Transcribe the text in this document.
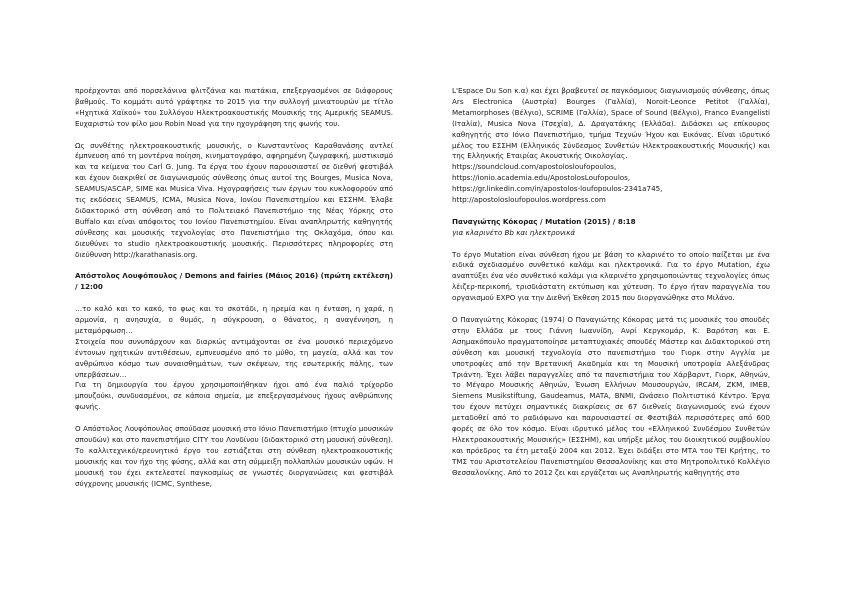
προέρχονται από πορσελάνινα φλιτζάνια και πιατάκια, επεξεργασμένοι σε διάφορους βαθμούς. Το κομμάτι αυτό γράφτηκε το 2015 για την συλλογή μινιατουρών με τίτλο «Ηχητικά Χαϊκού» του Συλλόγου Ηλεκτροακουστικής Μουσικής της Αμερικής SEAMUS. Ευχαριστώ τον φίλο μου Robin Noad για την ηχογράφηση της φωνής του.

Ως συνθέτης ηλεκτροακουστικής μουσικής, ο Κωνσταντίνος Καραθανάσης αντλεί έμπνευση από τη μοντέρνα ποίηση, κινηματογράφο, αφηρημένη ζωγραφική, μυστικισμό και τα κείμενα του Carl G. Jung. Τα έργα του έχουν παρουσιαστεί σε διεθνή φεστιβάλ και έχουν διακριθεί σε διαγωνισμούς σύνθεσης όπως αυτοί της Bourges, Musica Nova, SEAMUS/ASCAP, SIME και Musica Viva. Ηχογραφήσεις των έργων του κυκλοφορούν από τις εκδόσεις SEAMUS, ICMA, Musica Nova, Ιονίου Πανεπιστημίου και ΕΣΣΗΜ. Έλαβε διδακτορικό στη σύνθεση από το Πολιτειακό Πανεπιστήμιο της Νέας Υόρκης στο Buffalo και είναι απόφοιτος του Ιονίου Πανεπιστημίου. Είναι αναπληρωτής καθηγητής σύνθεσης και μουσικής τεχνολογίας στο Πανεπιστήμιο της Οκλαχόμα, όπου και διευθύνει το studio ηλεκτροακουστικής μουσικής. Περισσότερες πληροφορίες στη διεύθυνση http://karathanasis.org.

Απόστολος Λουφόπουλος / Demons and fairies (Μάιος 2016) (πρώτη εκτέλεση) / 12:00

…το καλό και το κακό, το φως και το σκοτάδι, η ηρεμία και η ένταση, η χαρά, η αρμονία, η ανησυχία, ο θυμός, η σύγκρουση, ο θάνατος, η αναγέννηση, η μεταμόρφωση…

Στοιχεία που συνυπάρχουν και διαρκώς αντιμάχονται σε ένα μουσικό περιεχόμενο έντονων ηχητικών αντιθέσεων, εμπνευσμένο από το μύθο, τη μαγεία, αλλά και τον ανθρώπινο κόσμο των συναισθημάτων, των σκέψεων, της εσωτερικής πάλης, των υπερβάσεων…

Για τη δημιουργία του έργου χρησιμοποιήθηκαν ήχοι από ένα παλιό τρίχορδο μπουζούκι, συνδυασμένοι, σε κάποια σημεία, με επεξεργασμένους ήχους ανθρώπινης φωνής.

Ο Απόστολος Λουφόπουλος σπούδασε μουσική στο Ιόνιο Πανεπιστήμιο (πτυχίο μουσικών σπουδών) και στο πανεπιστήμιο CITY του Λονδίνου (διδακτορικό στη μουσική σύνθεση). Το καλλιτεχνικό/ερευνητικό έργο του εστιάζεται στη σύνθεση ηλεκτροακουστικής μουσικής και τον ήχο της φύσης, αλλά και στη σύμμειξη πολλαπλών μουσικών υφών. Η μουσική του έχει εκτελεστεί παγκοσμίως σε γνωστές διοργανώσεις και φεστιβάλ σύγχρονης μουσικής (ICMC, Synthese,

L'Espace Du Son κ.α) και έχει βραβευτεί σε παγκόσμιους διαγωνισμούς σύνθεσης, όπως Ars Electronica (Αυστρία) Bourges (Γαλλία), Noroit-Leonce Petitot (Γαλλία), Metamorphoses (Βέλγιο), SCRIME (Γαλλία), Space of Sound (Βέλγιο), Franco Evangelisti (Ιταλία), Musica Nova (Τσεχία), Δ. Δραγατάκης (Ελλάδα). Διδάσκει ως επίκουρος καθηγητής στο Ιόνιο Πανεπιστήμιο, τμήμα Τεχνών Ήχου και Εικόνας. Είναι ιδρυτικό μέλος του ΕΣΣΗΜ (Ελληνικός Σύνδεσμος Συνθετών Ηλεκτροακουστικής Μουσικής) και της Ελληνικής Εταιρίας Ακουστικής Οικολογίας.

https://soundcloud.com/apostolosloufopoulos,

https://ionio.academia.edu/ApostolosLoufopoulos,

https://gr.linkedin.com/in/apostolos-loufopoulos-2341a745,

http://apostolosloufopoulos.wordpress.com

Παναγιώτης Κόκορας / Mutation (2015) / 8:18

για κλαρινέτο Bb και ηλεκτρονικά

Το έργο Mutation είναι σύνθεση ήχου με βάση το κλαρινέτο το οποίο παίζεται με ένα ειδικά σχεδιασμένο συνθετικό καλάμι και ηλεκτρονικά. Για το έργο Mutation, έχω αναπτύξει ένα νέο συνθετικό καλάμι για κλαρινέτο χρησιμοποιώντας τεχνολογίες όπως λέιζερ-περικοπή, τρισδιάστατη εκτύπωση και χύτευση. Το έργο ήταν παραγγελία του οργανισμού EXPO για την Διεθνή Έκθεση 2015 που διοργανώθηκε στο Μιλάνο.

Ο Παναγιώτης Κόκορας (1974) Ο Παναγιώτης Κόκορας μετά τις μουσικές του σπουδές στην Ελλάδα με τους Γιάννη Ιωαννίδη, Ανρί Κεργκομάρ, Κ. Βαρότση και Ε. Ασημακόπουλο πραγματοποίησε μεταπτυχιακές σπουδές Μάστερ και Διδακτορικού στη σύνθεση και μουσική τεχνολογία στο πανεπιστήμιο του Γιορκ στην Αγγλία με υποτροφίες από την Βρετανική Ακαδημία και τη Μουσική υποτροφία Αλεξάνδρας Τριάντη. Έχει λάβει παραγγελίες από τα πανεπιστήμια του Χάρβαρντ, Γιορκ, Αθηνών, το Μέγαρο Μουσικής Αθηνών, Ένωση Ελλήνων Μουσουργών, IRCAM, ZKM, IMEB, Siemens Musikstiftung, Gaudeamus, MATA, BNMI, Ωνάσειο Πολιτιστικό Κέντρο. Έργα του έχουν πετύχει σημαντικές διακρίσεις σε 67 διεθνείς διαγωνισμούς ενώ έχουν μεταδοθεί από το ραδιόφωνο και παρουσιαστεί σε Φεστιβάλ περισσότερες από 600 φορές σε όλο τον κόσμο. Είναι ιδρυτικό μέλος του «Ελληνικού Συνδέσμου Συνθετών Ηλεκτροακουστικής Μουσικής» (ΕΣΣΗΜ), και υπήρξε μέλος του διοικητικού συμβουλίου και πρόεδρος τα έτη μεταξύ 2004 και 2012. Έχει διδάξει στο ΜΤΑ του ΤΕΙ Κρήτης, το ΤΜΣ του Αριστοτελείου Πανεπιστημίου Θεσσαλονίκης και στο Μητροπολιτικό Κολλέγιο Θεσσαλονίκης. Από το 2012 ζει και εργάζεται ως Αναπληρωτής καθηγητής στο
